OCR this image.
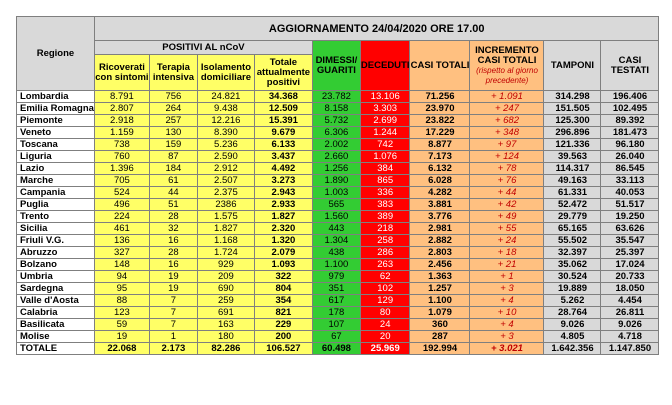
Regione	AGGIORNAMENTO 24/04/2020 ORE 17.00									
	POSITIVI AL nCoV				DIMESSI/ GUARITI	DECEDUTI	CASI TOTALI	INCREMENTO CASI TOTALI
(rispetto al giorno precedente)	TAMPONI	CASI TESTATI
	Ricoverati con sintomi	Terapia intensiva	Isolamento domiciliare	Totale attualmente positivi						
Lombardia	8.791	756	24.821	34.368	23.782	13.106	71.256	+ 1.091	314.298	196.406
Emilia Romagna	2.807	264	9.438	12.509	8.158	3.303	23.970	+ 247	151.505	102.495
Piemonte	2.918	257	12.216	15.391	5.732	2.699	23.822	+ 682	125.300	89.392
Veneto	1.159	130	8.390	9.679	6.306	1.244	17.229	+ 348	296.896	181.473
Toscana	738	159	5.236	6.133	2.002	742	8.877	+ 97	121.336	96.180
Liguria	760	87	2.590	3.437	2.660	1.076	7.173	+ 124	39.563	26.040
Lazio	1.396	184	2.912	4.492	1.256	384	6.132	+ 78	114.317	86.545
Marche	705	61	2.507	3.273	1.890	865	6.028	+ 76	49.163	33.113
Campania	524	44	2.375	2.943	1.003	336	4.282	+ 44	61.331	40.053
Puglia	496	51	2386	2.933	565	383	3.881	+ 42	52.472	51.517
Trento	224	28	1.575	1.827	1.560	389	3.776	+ 49	29.779	19.250
Sicilia	461	32	1.827	2.320	443	218	2.981	+ 55	65.165	63.626
Friuli V.G.	136	16	1.168	1.320	1.304	258	2.882	+ 24	55.502	35.547
Abruzzo	327	28	1.724	2.079	438	286	2.803	+ 18	32.397	25.397
Bolzano	148	16	929	1.093	1.100	263	2.456	+ 21	35.062	17.024
Umbria	94	19	209	322	979	62	1.363	+ 1	30.524	20.733
Sardegna	95	19	690	804	351	102	1.257	+ 3	19.889	18.050
Valle d'Aosta	88	7	259	354	617	129	1.100	+ 4	5.262	4.454
Calabria	123	7	691	821	178	80	1.079	+ 10	28.764	26.811
Basilicata	59	7	163	229	107	24	360	+ 4	9.026	9.026
Molise	19	1	180	200	67	20	287	+ 3	4.805	4.718
TOTALE	22.068	2.173	82.286	106.527	60.498	25.969	192.994	+ 3.021	1.642.356	1.147.850
